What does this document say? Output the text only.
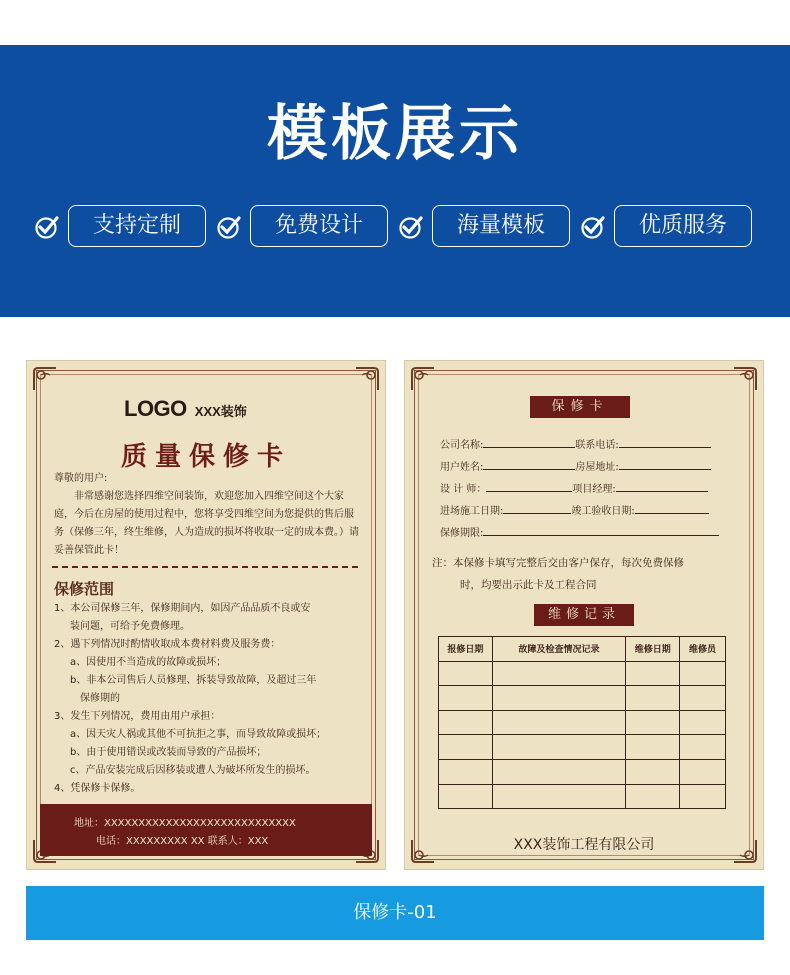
模板展示
支持定制	免费设计	海量模板	优质服务
LOGO XXX装饰
质量保修卡
尊敬的用户:
非常感谢您选择四维空间装饰，欢迎您加入四维空间这个大家庭，今后在房屋的使用过程中，您将享受四维空间为您提供的售后服务（保修三年，终生维修，人为造成的损坏将收取一定的成本费。）请妥善保管此卡！
保修范围
1、本公司保修三年，保修期间内，如因产品品质不良或安
装问题，可给予免费修理。
2、遇下列情况时酌情收取成本费材料费及服务费：
a、因使用不当造成的故障或损坏；
b、非本公司售后人员修理、拆装导致故障，及超过三年
保修期的
3、发生下列情况，费用由用户承担：
a、因天灾人祸或其他不可抗拒之事，而导致故障或损坏；
b、由于使用错误或改装而导致的产品损坏；
c、产品安装完成后因移装或遭人为破坏所发生的损坏。
4、凭保修卡保修。
地址：XXXXXXXXXXXXXXXXXXXXXXXXXXXX
电话：XXXXXXXXX XX 联系人：XXX
保修卡
公司名称:	联系电话:
用户姓名:	房屋地址:
设 计 师：	项目经理:
进场施工日期:	竣工验收日期:
保修期限:
注：本保修卡填写完整后交由客户保存，每次免费保修
时，均要出示此卡及工程合同
维修记录
报修日期	故障及检查情况记录	维修日期	维修员

XXX装饰工程有限公司
保修卡-01
